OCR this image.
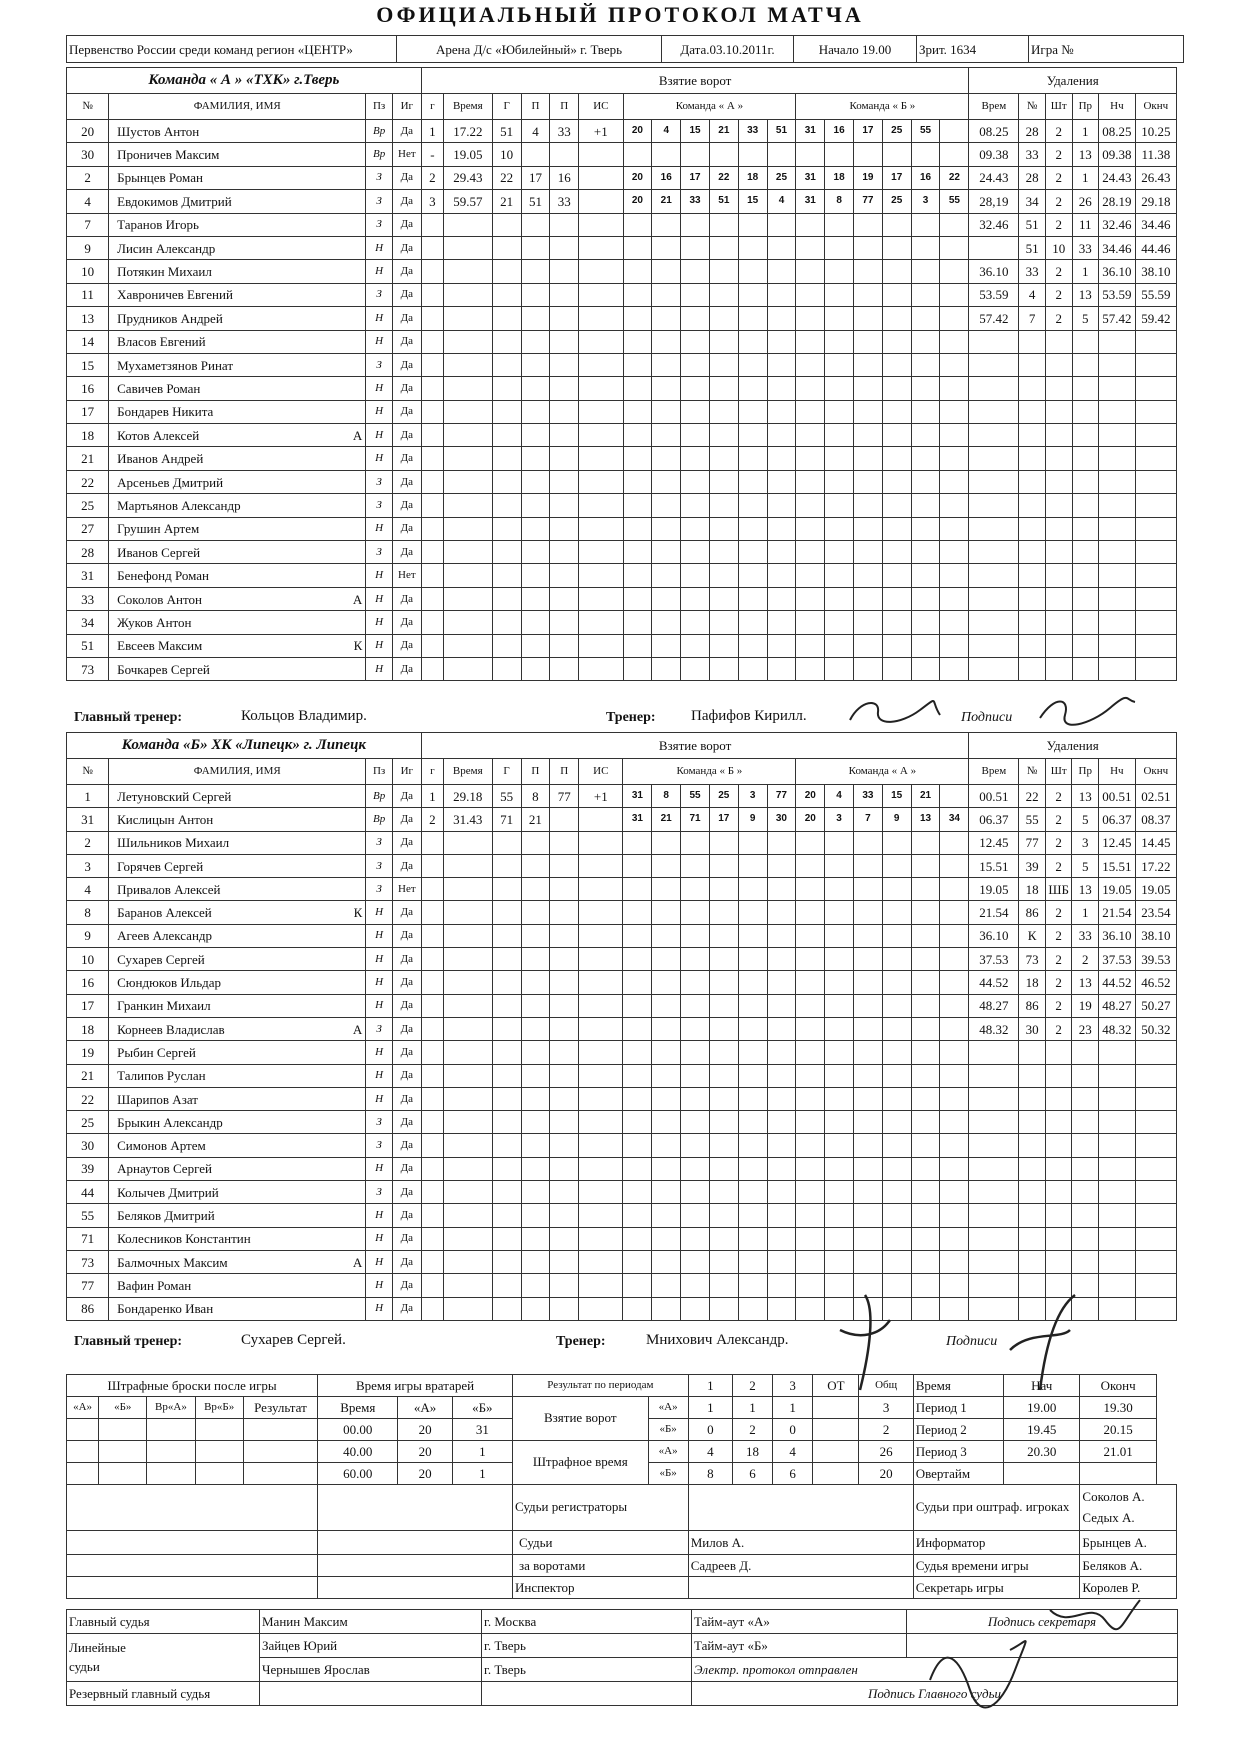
ОФИЦИАЛЬНЫЙ ПРОТОКОЛ МАТЧА
Первенство России среди команд регион «ЦЕНТР»	Арена Д/с «Юбилейный» г. Тверь	Дата.03.10.2011г.	Начало 19.00	Зрит. 1634	Игра №
Команда « А » «ТХК» г.Тверь				Взятие ворот																		Удаления					
№	ФАМИЛИЯ, ИМЯ	Пз	Иг	г	Время	Г	П	П	ИС	Команда « А »						Команда « Б »						Врем	№	Шт	Пр	Нч	Окнч
20	Шустов Антон	Вр	Да	1	17.22	51	4	33	+1	20	4	15	21	33	51	31	16	17	25	55		08.25	28	2	1	08.25	10.25
30	Проничев Максим	Вр	Нет	-	19.05	10																09.38	33	2	13	09.38	11.38
2	Брынцев Роман	З	Да	2	29.43	22	17	16		20	16	17	22	18	25	31	18	19	17	16	22	24.43	28	2	1	24.43	26.43
4	Евдокимов Дмитрий	З	Да	3	59.57	21	51	33		20	21	33	51	15	4	31	8	77	25	3	55	28,19	34	2	26	28.19	29.18
7	Таранов Игорь	З	Да																			32.46	51	2	11	32.46	34.46
9	Лисин Александр	Н	Да																				51	10	33	34.46	44.46
10	Потякин Михаил	Н	Да																			36.10	33	2	1	36.10	38.10
11	Хавроничев Евгений	З	Да																			53.59	4	2	13	53.59	55.59
13	Прудников Андрей	Н	Да																			57.42	7	2	5	57.42	59.42
14	Власов Евгений	Н	Да																								
15	Мухаметзянов Ринат	З	Да																								
16	Савичев Роман	Н	Да																								
17	Бондарев Никита	Н	Да																								
18	Котов Алексей А	Н	Да																								
21	Иванов Андрей	Н	Да																								
22	Арсеньев Дмитрий	З	Да																								
25	Мартьянов Александр	З	Да																								
27	Грушин Артем	Н	Да																								
28	Иванов Сергей	З	Да																								
31	Бенефонд Роман	Н	Нет																								
33	Соколов Антон А	Н	Да																								
34	Жуков Антон	Н	Да																								
51	Евсеев Максим К	Н	Да																								
73	Бочкарев Сергей	Н	Да																								
Главный тренер:	Кольцов Владимир.	Тренер: Пафифов Кирилл.	Подписи
Команда «Б» ХК «Липецк» г. Липецк				Взятие ворот																		Удаления					
№	ФАМИЛИЯ, ИМЯ	Пз	Иг	г	Время	Г	П	П	ИС	Команда « Б »						Команда « А »						Врем	№	Шт	Пр	Нч	Окнч
1	Летуновский Сергей	Вр	Да	1	29.18	55	8	77	+1	31	8	55	25	3	77	20	4	33	15	21		00.51	22	2	13	00.51	02.51
31	Кислицын Антон	Вр	Да	2	31.43	71	21			31	21	71	17	9	30	20	3	7	9	13	34	06.37	55	2	5	06.37	08.37
2	Шильников Михаил	З	Да																			12.45	77	2	3	12.45	14.45
3	Горячев Сергей	З	Да																			15.51	39	2	5	15.51	17.22
4	Привалов Алексей	З	Нет																			19.05	18	ШБ	13	19.05	19.05
8	Баранов Алексей К	Н	Да																			21.54	86	2	1	21.54	23.54
9	Агеев Александр	Н	Да																			36.10	К	2	33	36.10	38.10
10	Сухарев Сергей	Н	Да																			37.53	73	2	2	37.53	39.53
16	Сюндюков Ильдар	Н	Да																			44.52	18	2	13	44.52	46.52
17	Гранкин Михаил	Н	Да																			48.27	86	2	19	48.27	50.27
18	Корнеев Владислав А	З	Да																			48.32	30	2	23	48.32	50.32
19	Рыбин Сергей	Н	Да																								
21	Талипов Руслан	Н	Да																								
22	Шарипов Азат	Н	Да																								
25	Брыкин Александр	З	Да																								
30	Симонов Артем	З	Да																								
39	Арнаутов Сергей	Н	Да																								
44	Колычев Дмитрий	З	Да																								
55	Беляков Дмитрий	Н	Да																								
71	Колесников Константин	Н	Да																								
73	Балмочных Максим А	Н	Да																								
77	Вафин Роман	Н	Да																								
86	Бондаренко Иван	Н	Да																								
Главный тренер:	Сухарев Сергей.	Тренер:	Мнихович Александр.	Подписи
Штрафные броски после игры					Время игры вратарей			Результат по периодам		1	2	3	ОТ	Общ	Время	Нач	Оконч	
«А»	«Б»	Вр«А»	Вр«Б»	Результат	Время	«А»	«Б»	Взятие ворот	«А»	1	1	1		3	Период 1	19.00	19.30	
					00.00	20	31		«Б»	0	2	0		2	Период 2	19.45	20.15	
					40.00	20	1	Штрафное время	«А»	4	18	4		26	Период 3	20.30	21.01	
					60.00	20	1		«Б»	8	6	6		20	Овертайм			
								Судьи регистраторы							Судьи при оштраф. игроках		Соколов А.
Седых А.	
								Судьи		Милов А.					Информатор		Брынцев А.	
								за воротами		Садреев Д.					Судья времени игры		Беляков А.	
								Инспектор							Секретарь игры		Королев Р.	
Главный судья	Манин Максим	г. Москва	Тайм-аут «А»	Подпись секретаря
Линейные
судьи	Зайцев Юрий	г. Тверь	Тайм-аут «Б»	
	Чернышев Ярослав	г. Тверь	Электр. протокол отправлен	
Резервный главный судья			Подпись Главного судьи	
